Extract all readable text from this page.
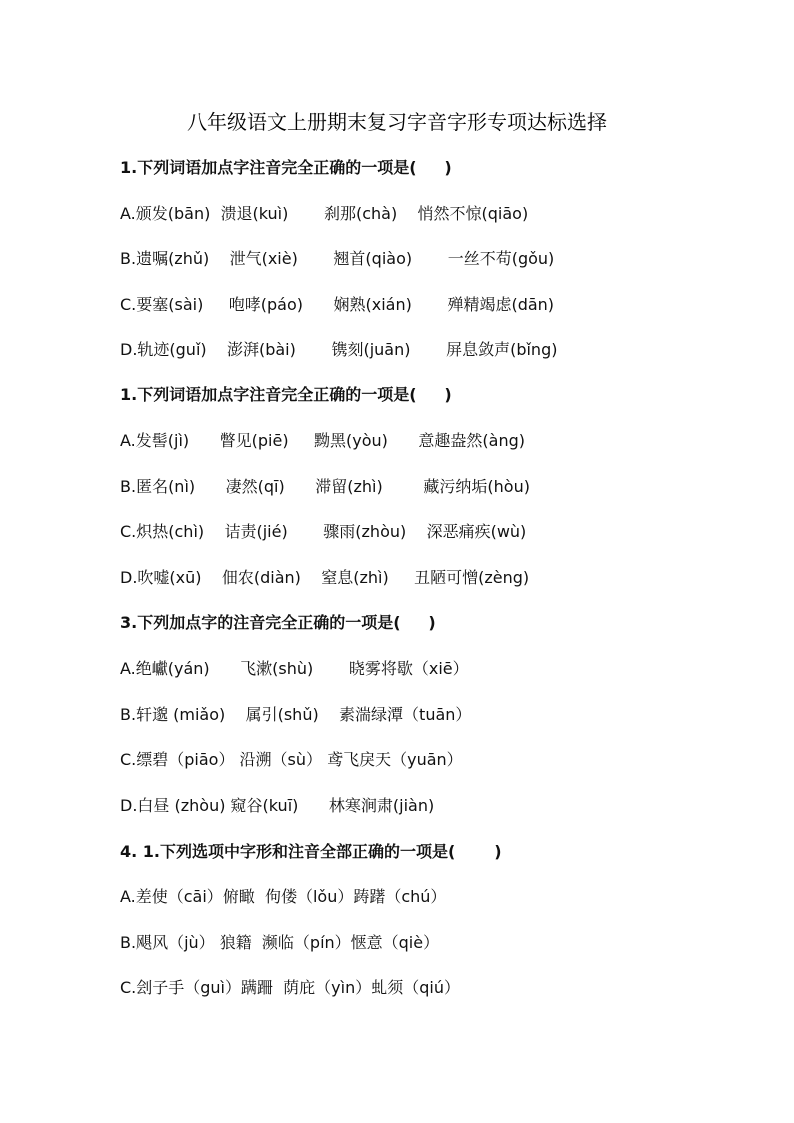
八年级语文上册期末复习字音字形专项达标选择
1.下列词语加点字注音完全正确的一项是(     )
A.颁发(bān)  溃退(kuì)       刹那(chà)    悄然不惊(qiāo)
B.遗嘱(zhǔ)    泄气(xiè)       翘首(qiào)       一丝不苟(gǒu)
C.要塞(sài)     咆哮(páo)      娴熟(xián)       殚精竭虑(dān)
D.轨迹(guǐ)    澎湃(bài)       镌刻(juān)       屏息敛声(bǐng)
1.下列词语加点字注音完全正确的一项是(     )
A.发髻(jì)      瞥见(piē)     黝黑(yòu)      意趣盎然(àng)
B.匿名(nì)      凄然(qī)      滞留(zhì)        藏污纳垢(hòu)
C.炽热(chì)    诘责(jié)       骤雨(zhòu)    深恶痛疾(wù)
D.吹嘘(xū)    佃农(diàn)    窒息(zhì)     丑陋可憎(zèng)
3.下列加点字的注音完全正确的一项是(     )
A.绝巘(yán)      飞漱(shù)       晓雾将歇（xiē）
B.轩邈 (miǎo)    属引(shǔ)    素湍绿潭（tuān）
C.缥碧（piāo） 沿溯（sù） 鸢飞戾天（yuān）
D.白昼 (zhòu) 窥谷(kuī)      林寒涧肃(jiàn)
4. 1.下列选项中字形和注音全部正确的一项是(       )
A.差使（cāi）俯瞰  佝偻（lǒu）踌躇（chú）
B.飓风（jù） 狼籍  濒临（pín）惬意（qiè）
C.刽子手（guì）蹒跚  荫庇（yìn）虬须（qiú）
